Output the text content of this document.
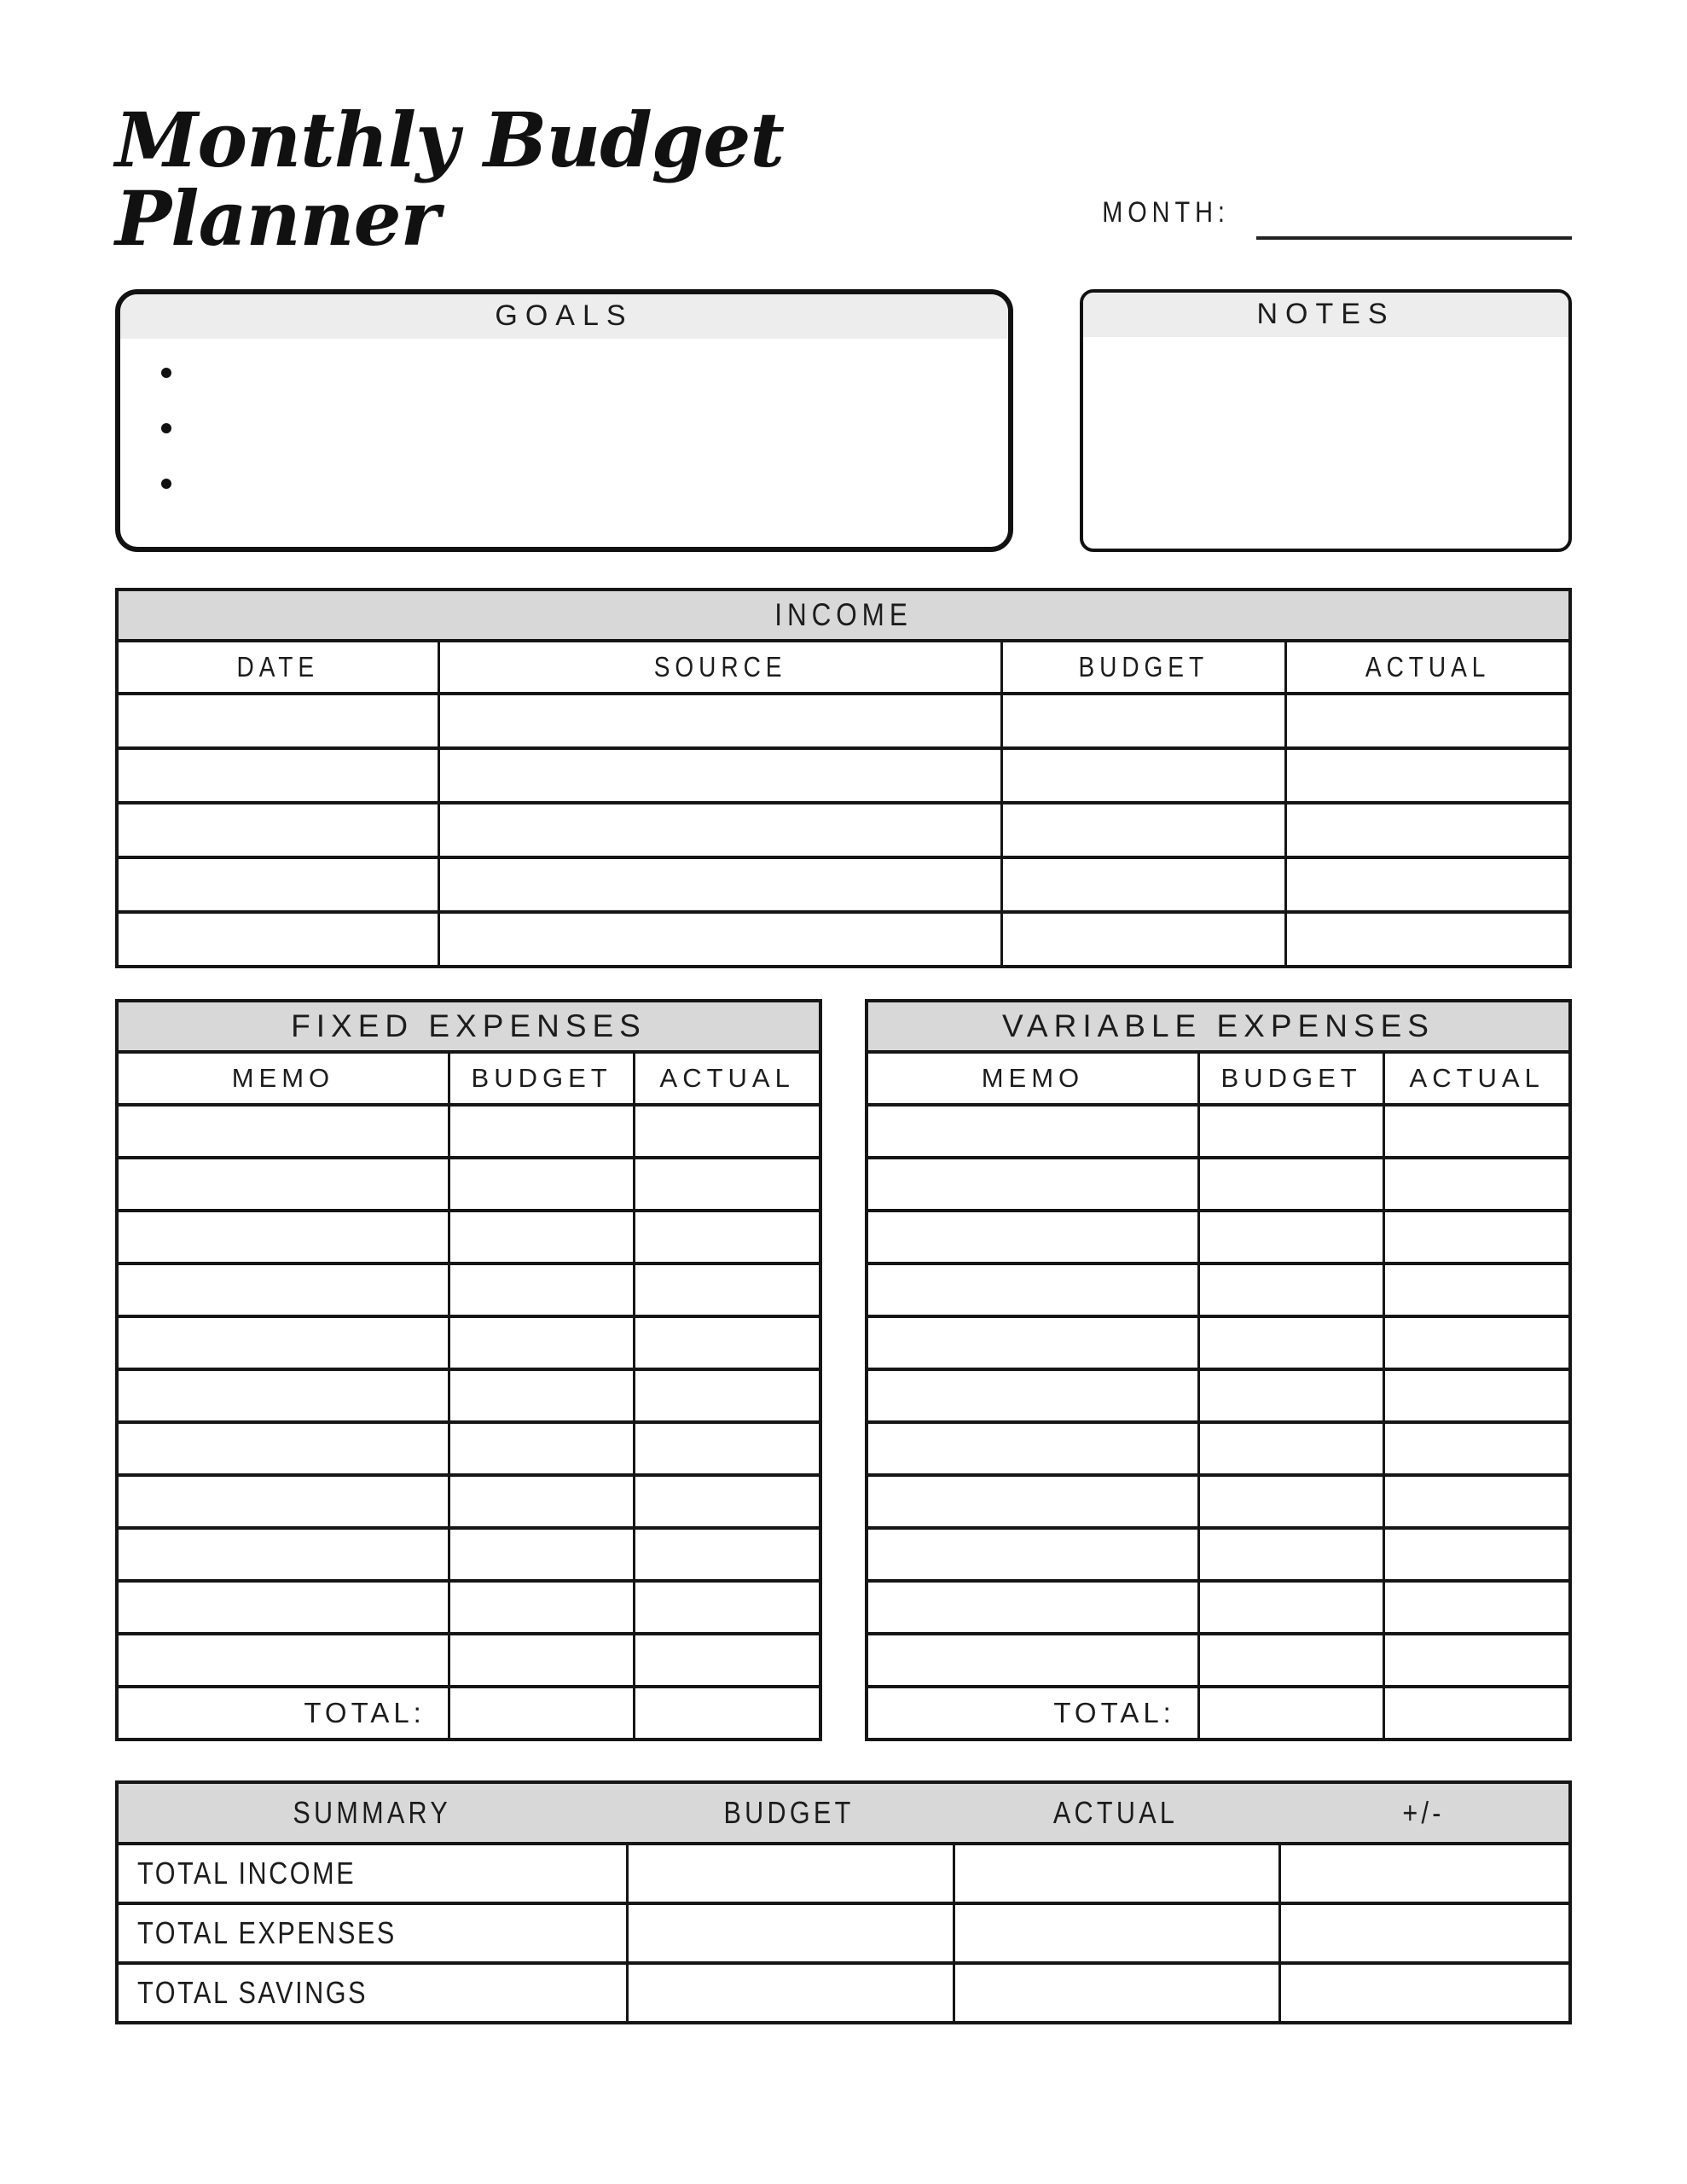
Monthly Budget Planner	MONTH:
GOALS	NOTES
INCOME
DATE	SOURCE	BUDGET	ACTUAL
FIXED EXPENSES
MEMO	BUDGET	ACTUAL
TOTAL:
VARIABLE EXPENSES
MEMO	BUDGET	ACTUAL
TOTAL:
SUMMARY	BUDGET	ACTUAL	+/-
TOTAL INCOME
TOTAL EXPENSES
TOTAL SAVINGS
